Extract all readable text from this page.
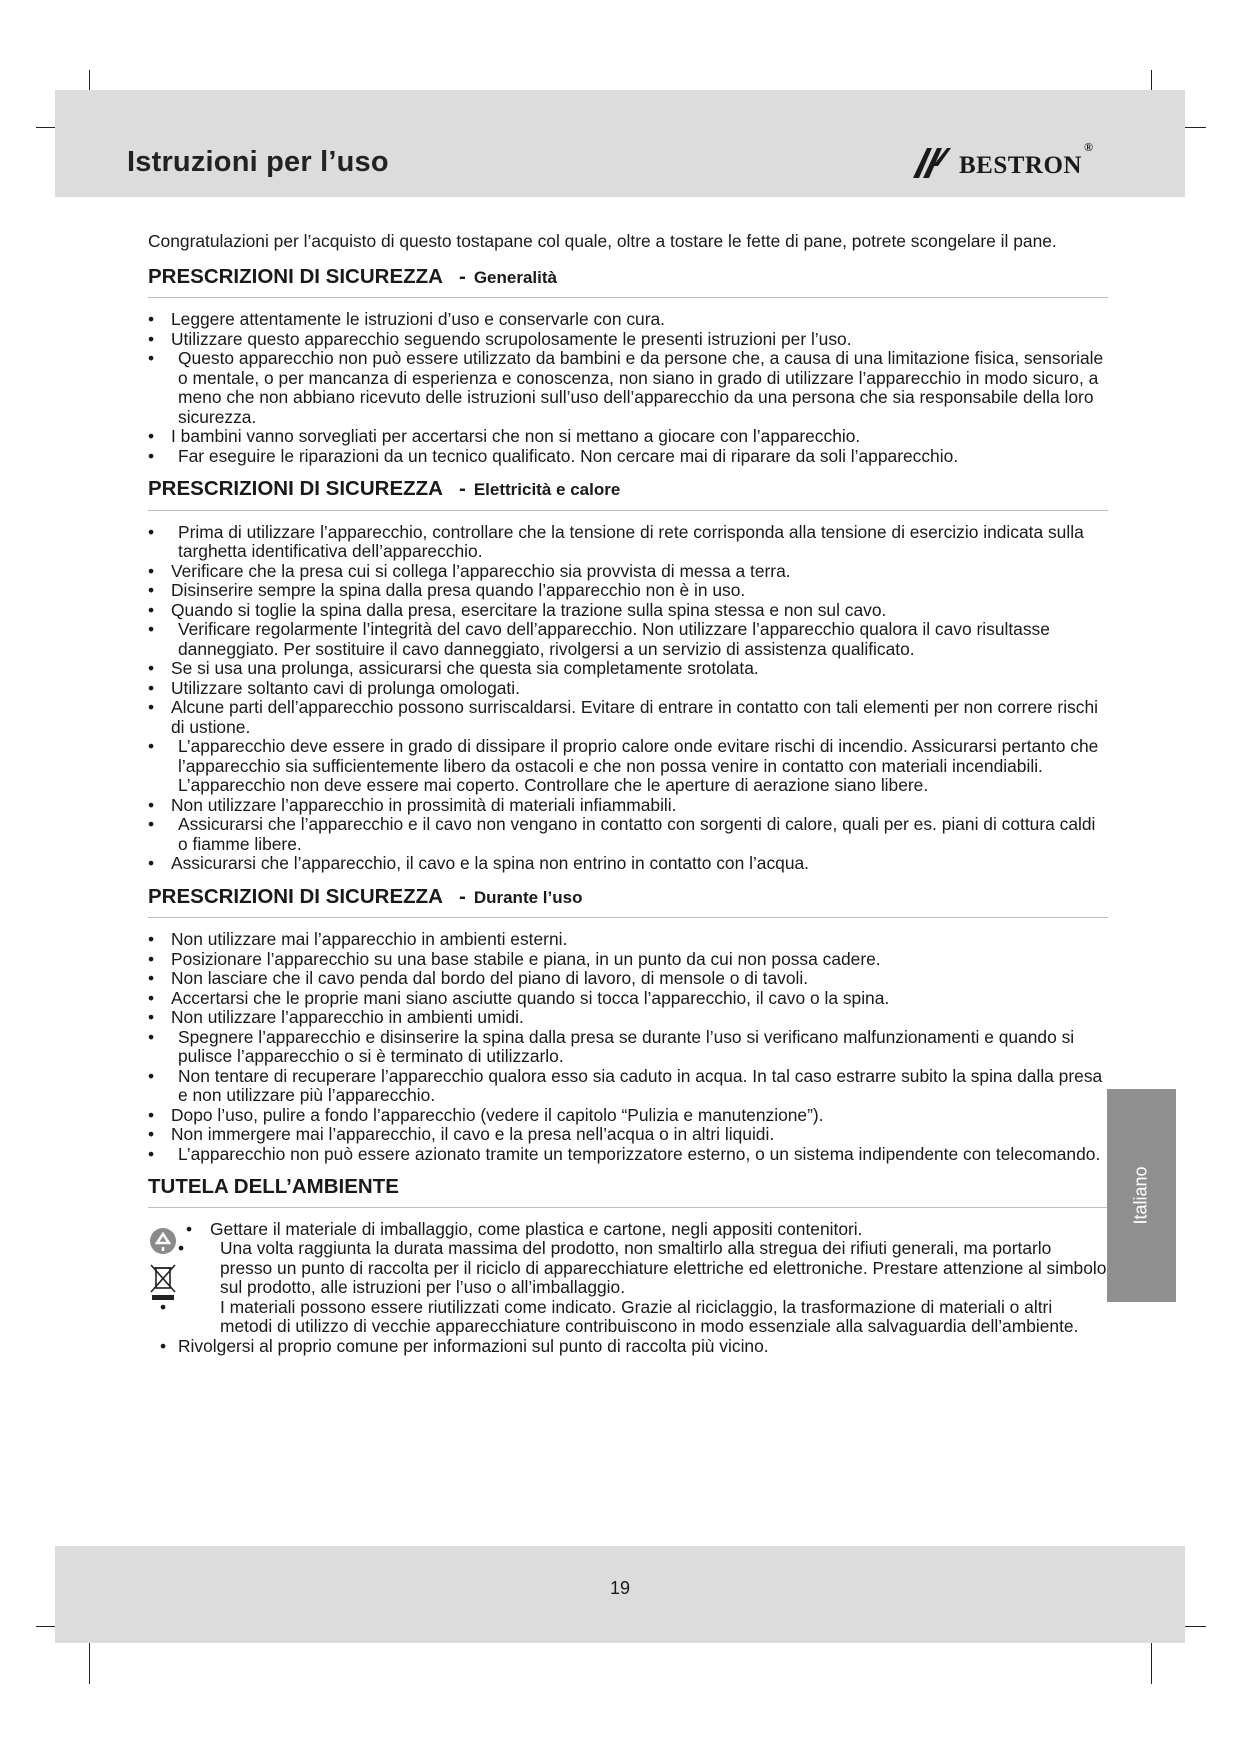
Istruzioni per l’uso	bestron ®

Congratulazioni per l’acquisto di questo tostapane col quale, oltre a tostare le fette di pane, potrete scongelare il pane.

PRESCRIZIONI DI SICUREZZA - Generalità
• Leggere attentamente le istruzioni d’uso e conservarle con cura.
• Utilizzare questo apparecchio seguendo scrupolosamente le presenti istruzioni per l’uso.
• Questo apparecchio non può essere utilizzato da bambini e da persone che, a causa di una limitazione fisica, sensoriale o mentale, o per mancanza di esperienza e conoscenza, non siano in grado di utilizzare l’apparecchio in modo sicuro, a meno che non abbiano ricevuto delle istruzioni sull’uso dell’apparecchio da una persona che sia responsabile della loro sicurezza.
• I bambini vanno sorvegliati per accertarsi che non si mettano a giocare con l’apparecchio.
• Far eseguire le riparazioni da un tecnico qualificato. Non cercare mai di riparare da soli l’apparecchio.
PRESCRIZIONI DI SICUREZZA - Elettricità e calore
• Prima di utilizzare l’apparecchio, controllare che la tensione di rete corrisponda alla tensione di esercizio indicata sulla targhetta identificativa dell’apparecchio.
• Verificare che la presa cui si collega l’apparecchio sia provvista di messa a terra.
• Disinserire sempre la spina dalla presa quando l’apparecchio non è in uso.
• Quando si toglie la spina dalla presa, esercitare la trazione sulla spina stessa e non sul cavo.
• Verificare regolarmente l’integrità del cavo dell’apparecchio. Non utilizzare l’apparecchio qualora il cavo risultasse danneggiato. Per sostituire il cavo danneggiato, rivolgersi a un servizio di assistenza qualificato.
• Se si usa una prolunga, assicurarsi che questa sia completamente srotolata.
• Utilizzare soltanto cavi di prolunga omologati.
• Alcune parti dell’apparecchio possono surriscaldarsi. Evitare di entrare in contatto con tali elementi per non correre rischi di ustione.
• L’apparecchio deve essere in grado di dissipare il proprio calore onde evitare rischi di incendio. Assicurarsi pertanto che l’apparecchio sia sufficientemente libero da ostacoli e che non possa venire in contatto con materiali incendiabili. L’apparecchio non deve essere mai coperto. Controllare che le aperture di aerazione siano libere.
• Non utilizzare l’apparecchio in prossimità di materiali infiammabili.
• Assicurarsi che l’apparecchio e il cavo non vengano in contatto con sorgenti di calore, quali per es. piani di cottura caldi o fiamme libere.
• Assicurarsi che l’apparecchio, il cavo e la spina non entrino in contatto con l’acqua.
PRESCRIZIONI DI SICUREZZA - Durante l’uso
• Non utilizzare mai l’apparecchio in ambienti esterni.
• Posizionare l’apparecchio su una base stabile e piana, in un punto da cui non possa cadere.
• Non lasciare che il cavo penda dal bordo del piano di lavoro, di mensole o di tavoli.
• Accertarsi che le proprie mani siano asciutte quando si tocca l’apparecchio, il cavo o la spina.
• Non utilizzare l’apparecchio in ambienti umidi.
• Spegnere l’apparecchio e disinserire la spina dalla presa se durante l’uso si verificano malfunzionamenti e quando si pulisce l’apparecchio o si è terminato di utilizzarlo.
• Non tentare di recuperare l’apparecchio qualora esso sia caduto in acqua. In tal caso estrarre subito la spina dalla presa e non utilizzare più l’apparecchio.
• Dopo l’uso, pulire a fondo l’apparecchio (vedere il capitolo “Pulizia e manutenzione”).
• Non immergere mai l’apparecchio, il cavo e la presa nell’acqua o in altri liquidi.
• L’apparecchio non può essere azionato tramite un temporizzatore esterno, o un sistema indipendente con telecomando.
TUTELA DELL’AMBIENTE

• Gettare il materiale di imballaggio, come plastica e cartone, negli appositi contenitori.
• Una volta raggiunta la durata massima del prodotto, non smaltirlo alla stregua dei rifiuti generali, ma portarlo presso un punto di raccolta per il riciclo di apparecchiature elettriche ed elettroniche. Prestare attenzione al simbolo sul prodotto, alle istruzioni per l’uso o all’imballaggio.
• I materiali possono essere riutilizzati come indicato. Grazie al riciclaggio, la trasformazione di materiali o altri metodi di utilizzo di vecchie apparecchiature contribuiscono in modo essenziale alla salvaguardia dell’ambiente.
• Rivolgersi al proprio comune per informazioni sul punto di raccolta più vicino.
Italiano

19
